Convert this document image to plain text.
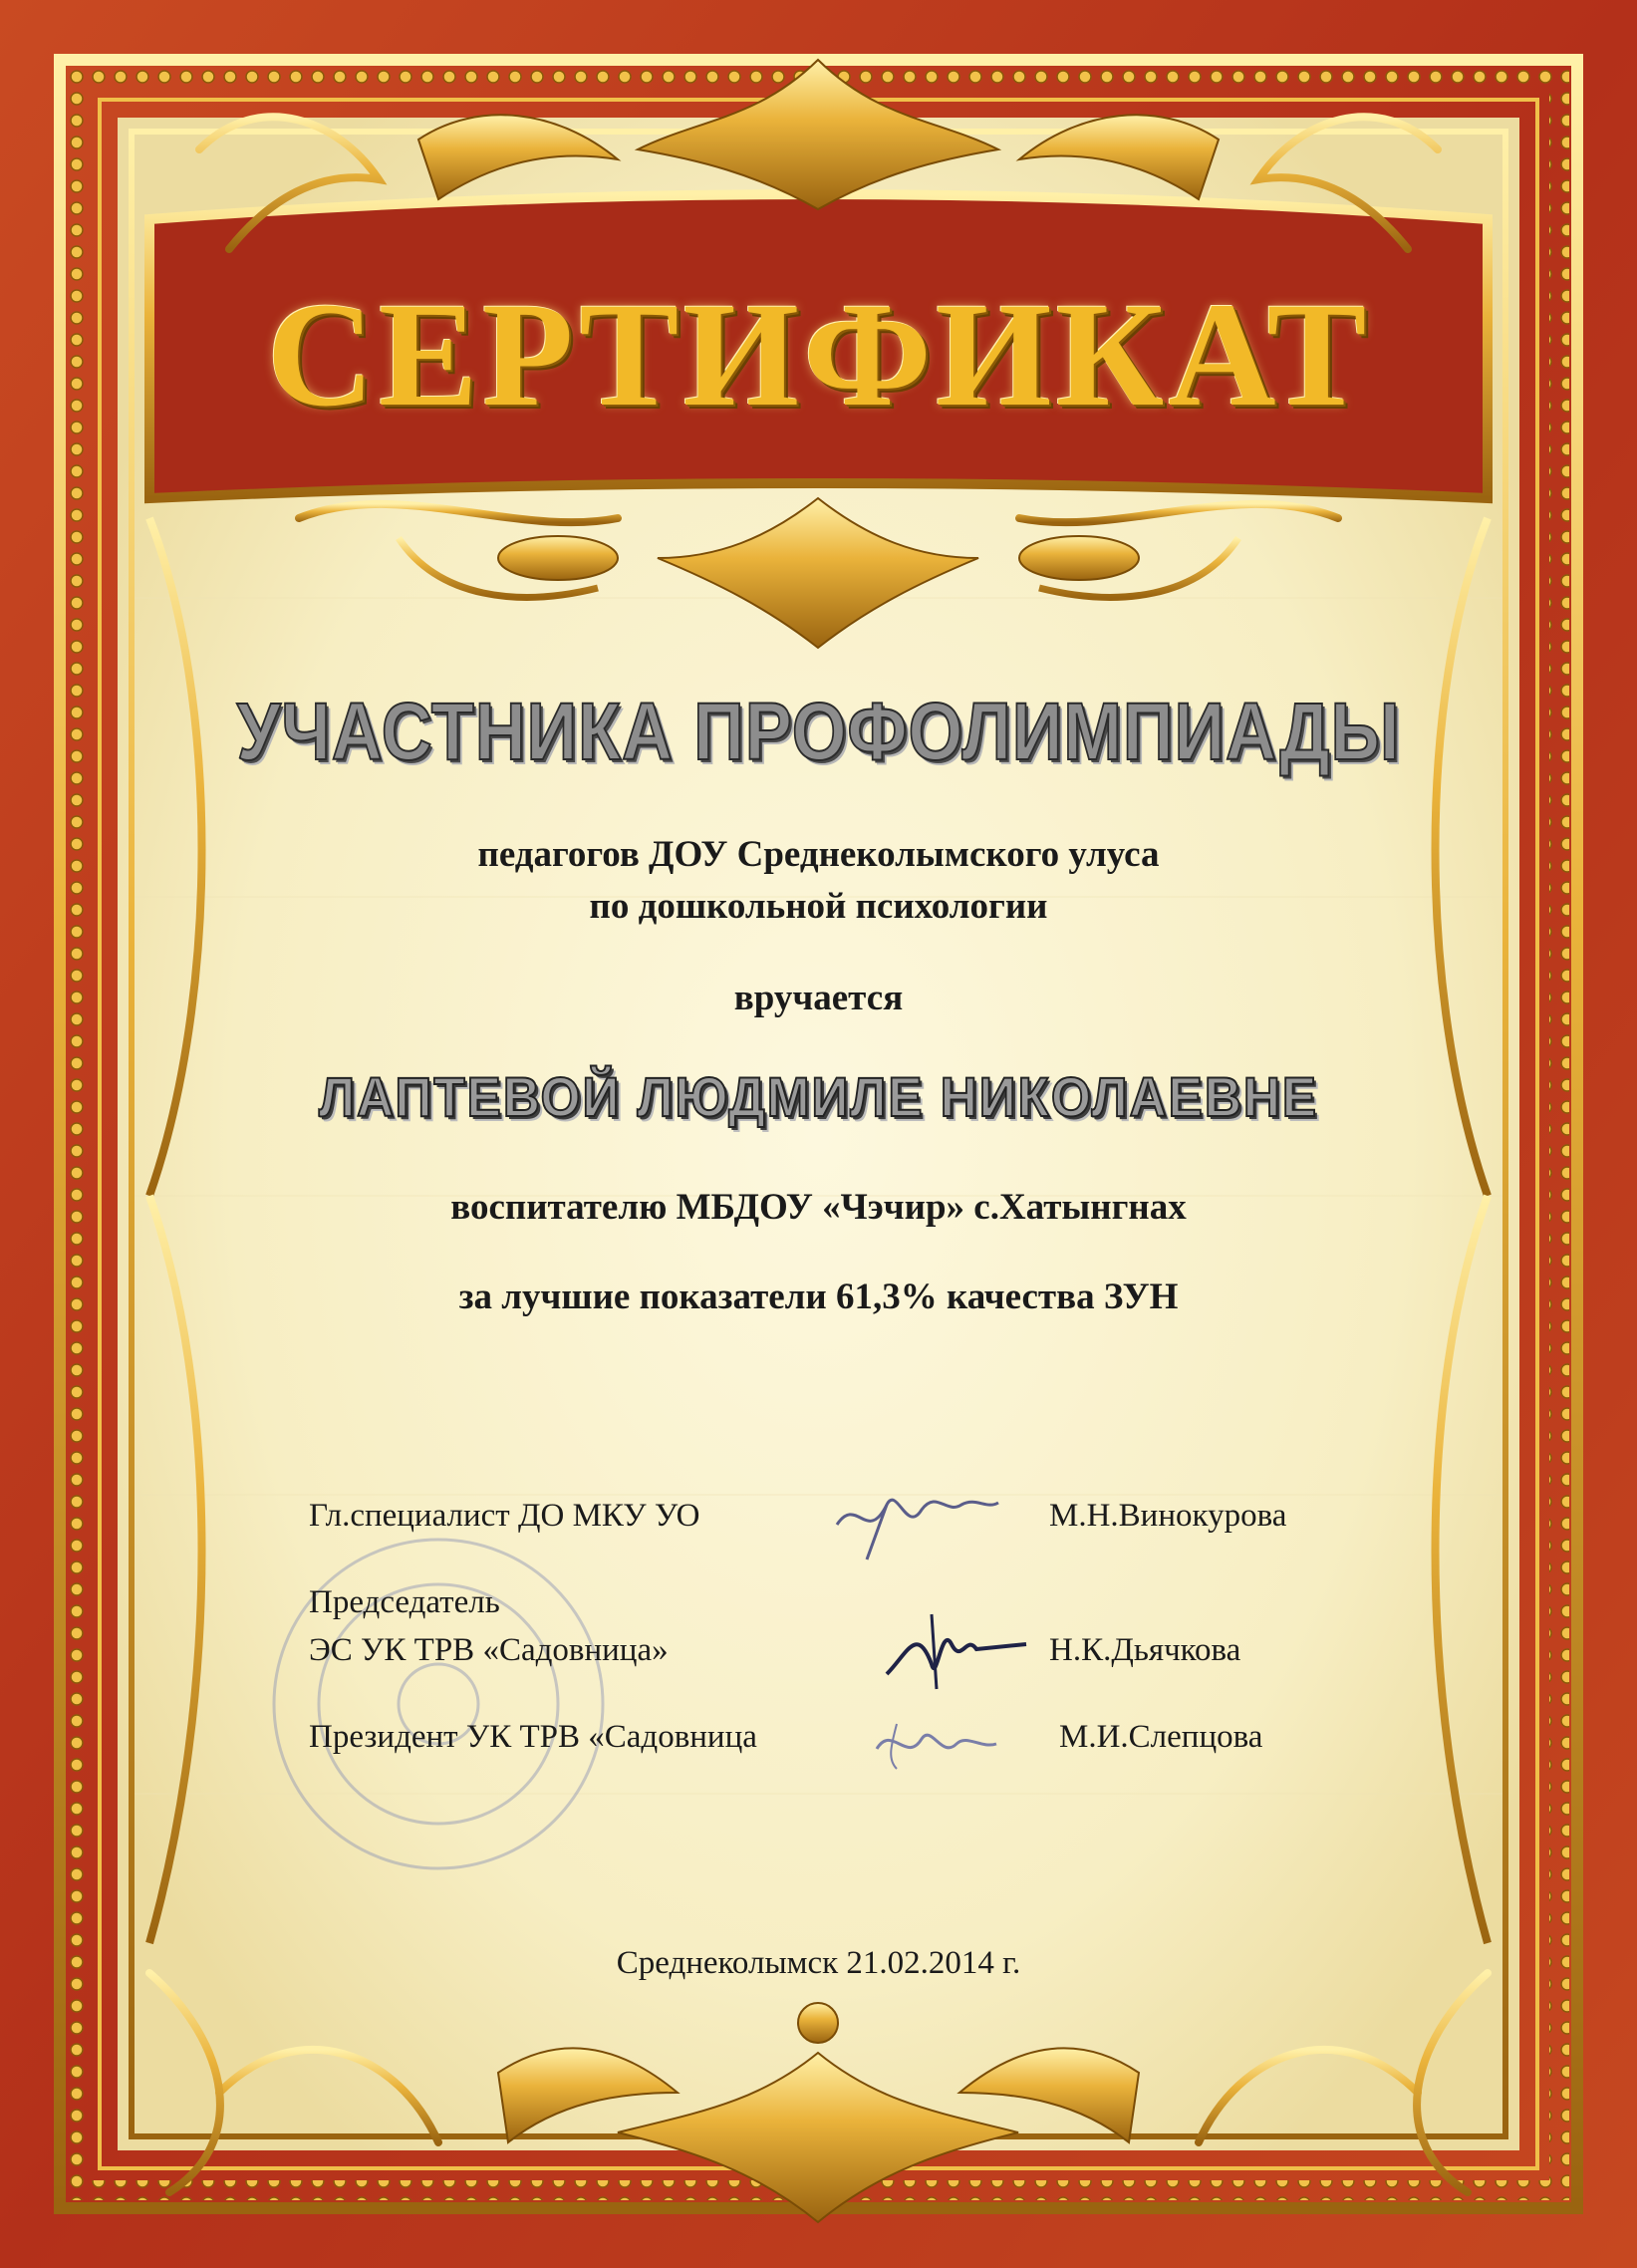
СЕРТИФИКАТ
УЧАСТНИКА ПРОФОЛИМПИАДЫ
педагогов ДОУ Среднеколымского улуса
по дошкольной психологии
вручается
ЛАПТЕВОЙ ЛЮДМИЛЕ НИКОЛАЕВНЕ
воспитателю МБДОУ «Чэчир» с.Хатынгнах
за лучшие показатели 61,3% качества ЗУН
Гл.специалист ДО МКУ УО	М.Н.Винокурова
Председатель
ЭС УК ТРВ «Садовница»	Н.К.Дьячкова
Президент УК ТРВ «Садовница	М.И.Слепцова
Среднеколымск 21.02.2014 г.
